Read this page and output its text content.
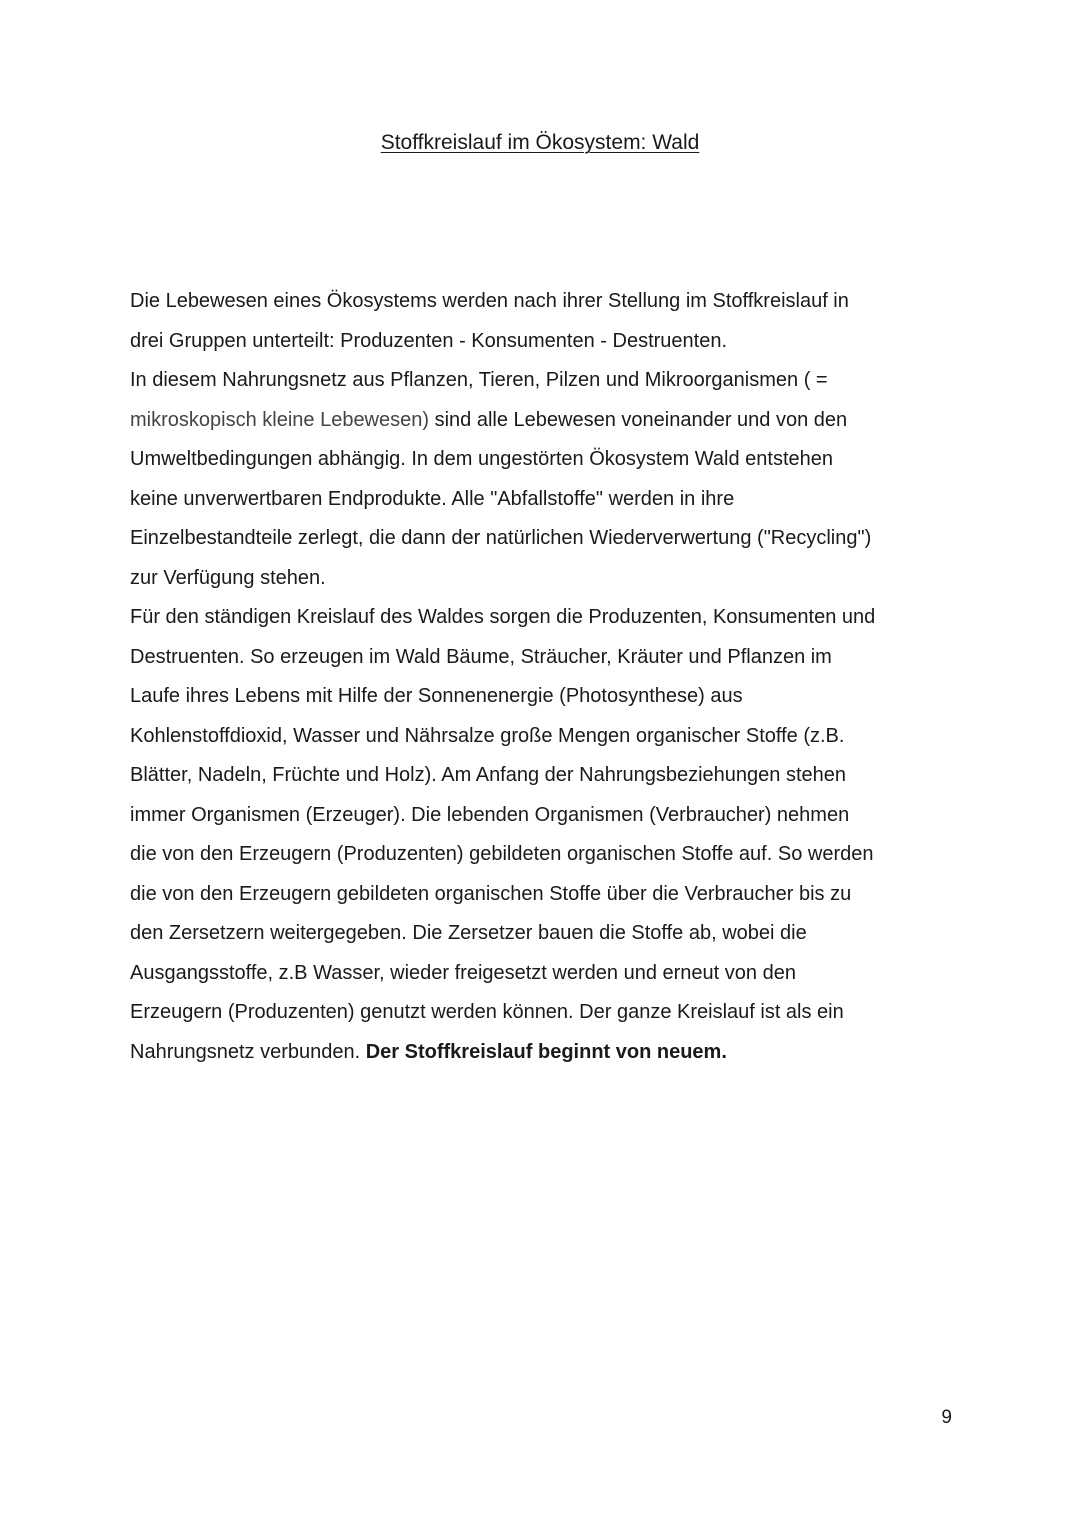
Stoffkreislauf im Ökosystem: Wald
Die Lebewesen eines Ökosystems werden nach ihrer Stellung im Stoffkreislauf in
drei Gruppen unterteilt: Produzenten - Konsumenten - Destruenten.
In diesem Nahrungsnetz aus Pflanzen, Tieren, Pilzen und Mikroorganismen ( =
mikroskopisch kleine Lebewesen) sind alle Lebewesen voneinander und von den
Umweltbedingungen abhängig. In dem ungestörten Ökosystem Wald entstehen
keine unverwertbaren Endprodukte. Alle "Abfallstoffe" werden in ihre
Einzelbestandteile zerlegt, die dann der natürlichen Wiederverwertung ("Recycling")
zur Verfügung stehen.
Für den ständigen Kreislauf des Waldes sorgen die Produzenten, Konsumenten und
Destruenten. So erzeugen im Wald Bäume, Sträucher, Kräuter und Pflanzen im
Laufe ihres Lebens mit Hilfe der Sonnenenergie (Photosynthese) aus
Kohlenstoffdioxid, Wasser und Nährsalze große Mengen organischer Stoffe (z.B.
Blätter, Nadeln, Früchte und Holz). Am Anfang der Nahrungsbeziehungen stehen
immer Organismen (Erzeuger). Die lebenden Organismen (Verbraucher) nehmen
die von den Erzeugern (Produzenten) gebildeten organischen Stoffe auf. So werden
die von den Erzeugern gebildeten organischen Stoffe über die Verbraucher bis zu
den Zersetzern weitergegeben. Die Zersetzer bauen die Stoffe ab, wobei die
Ausgangsstoffe, z.B Wasser, wieder freigesetzt werden und erneut von den
Erzeugern (Produzenten) genutzt werden können. Der ganze Kreislauf ist als ein
Nahrungsnetz verbunden. Der Stoffkreislauf beginnt von neuem.
9
